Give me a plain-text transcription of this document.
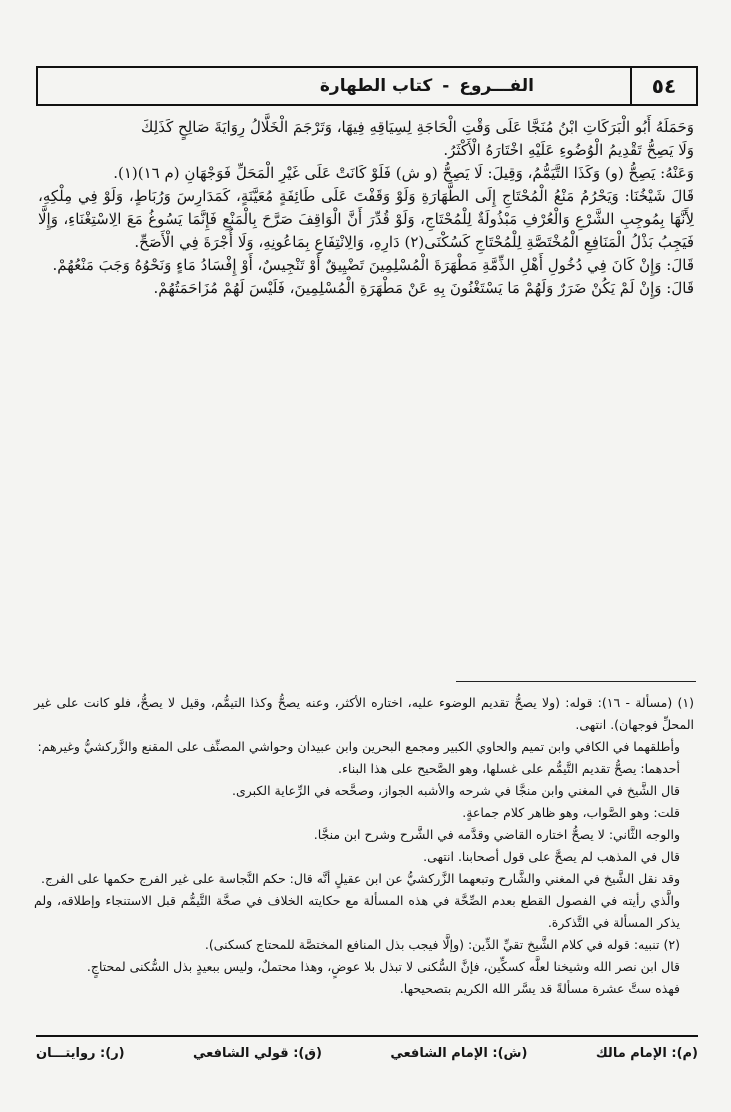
٥٤
الفـــروع
-
كتاب الطهارة

وَحَمَلَهُ أَبُو الْبَرَكَاتِ ابْنُ مُنَجَّا عَلَى وَقْتِ الْحَاجَةِ لِسِيَاقِهِ فِيهَا، وَتَرْجَمَ الْخَلَّالُ رِوَايَةَ صَالِحٍ كَذَلِكَ

وَلَا يَصِحُّ تَقْدِيمُ الْوُضُوءِ عَلَيْهِ اخْتَارَهُ الْأَكْثَرُ.

وَعَنْهُ: يَصِحُّ (و) وَكَذَا التَّيَمُّمُ، وَقِيلَ: لَا يَصِحُّ (و ش) فَلَوْ كَانَتْ عَلَى غَيْرِ الْمَحَلِّ فَوَجْهَانِ (م ١٦)(١).

قَالَ شَيْخُنَا: وَيَحْرُمُ مَنْعُ الْمُحْتَاجِ إِلَى الطَّهَارَةِ وَلَوْ وَقَفْتَ عَلَى طَائِفَةٍ مُعَيَّنَةٍ، كَمَدَارِسَ وَرُبَاطٍ، وَلَوْ فِي مِلْكِهِ، لِأَنَّهَا بِمُوجِبِ الشَّرْعِ وَالْعُرْفِ مَبْذُولَةٌ لِلْمُحْتَاجِ، وَلَوْ قُدِّرَ أَنَّ الْوَاقِفَ صَرَّحَ بِالْمَنْعِ فَإِنَّمَا يَسُوغُ مَعَ الِاسْتِغْنَاءِ، وَإِلَّا فَيَجِبُ بَذْلُ الْمَنَافِعِ الْمُخْتَصَّةِ لِلْمُحْتَاجِ كَسُكْنَى(٢) دَارِهِ، وَالِانْتِفَاعِ بِمَاعُونِهِ، وَلَا أُجْرَةَ فِي الْأَصَحِّ.

قَالَ: وَإِنْ كَانَ فِي دُخُولِ أَهْلِ الذِّمَّةِ مَطْهَرَةَ الْمُسْلِمِينَ تَضْيِيقٌ أَوْ تَنْجِيسٌ، أَوْ إِفْسَادُ مَاءٍ وَنَحْوُهُ وَجَبَ مَنْعُهُمْ.

قَالَ: وَإِنْ لَمْ يَكُنْ ضَرَرٌ وَلَهُمْ مَا يَسْتَغْنُونَ بِهِ عَنْ مَطْهَرَةِ الْمُسْلِمِينَ، فَلَيْسَ لَهُمْ مُزَاحَمَتُهُمْ.

(١) (مسألة - ١٦): قوله: (ولا يصحُّ تقديم الوضوء عليه، اختاره الأكثر، وعنه يصحُّ وكذا التيمُّم، وقيل لا يصحُّ، فلو كانت على غير المحلِّ فوجهان). انتهى.

وأطلقهما في الكافي وابن تميم والحاوي الكبير ومجمع البحرين وابن عبيدان وحواشي المصنِّف على المقنع والزَّركشيُّ وغيرهم:

أحدهما: يصحُّ تقديم التَّيمُّم على غسلها، وهو الصَّحيح على هذا البناء.

قال الشَّيخ في المغني وابن منجَّا في شرحه والأشبه الجواز، وصحَّحه في الرِّعاية الكبرى.

قلت: وهو الصَّواب، وهو ظاهر كلام جماعةٍ.

والوجه الثَّاني: لا يصحُّ اختاره القاضي وقدَّمه في الشَّرح وشرح ابن منجَّا.

قال في المذهب لم يصحَّ على قول أصحابنا. انتهى.

وقد نقل الشَّيخ في المغني والشَّارح وتبعهما الزَّركشيُّ عن ابن عقيلٍ أنَّه قال: حكم النَّجاسة على غير الفرج حكمها على الفرج.

والَّذي رأيته في الفصول القطع بعدم الصِّحَّة في هذه المسألة مع حكايته الخلاف في صحَّة التَّيمُّم قبل الاستنجاء وإطلاقه، ولم يذكر المسألة في التَّذكرة.

(٢) تنبيه: قوله في كلام الشَّيخ تقيِّ الدِّين: (وإلَّا فيجب بذل المنافع المختصَّة للمحتاج كسكنى).

قال ابن نصر الله وشيخنا لعلَّه كسكِّين، فإنَّ السُّكنى لا تبذل بلا عوضٍ، وهذا محتملٌ، وليس ببعيدٍ بذل السُّكنى لمحتاجٍ.

فهذه ستَّ عشرة مسألةً قد يسَّر الله الكريم بتصحيحها.

(م): الإمام مالك
(ش): الإمام الشافعي
(ق): قولي الشافعي
(ر): روايتـــان
